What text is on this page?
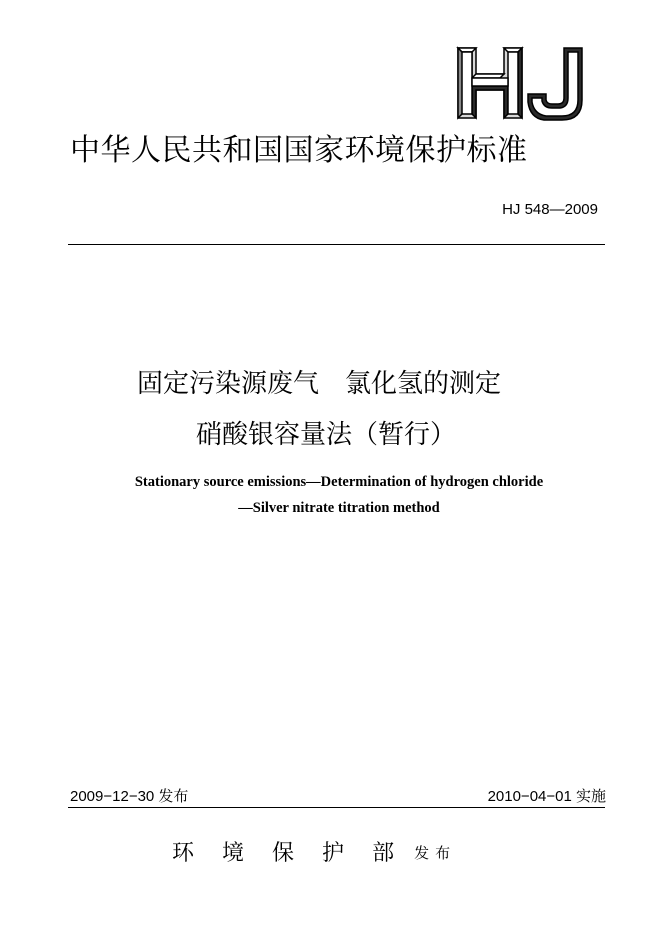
中华人民共和国国家环境保护标准
HJ 548—2009
固定污染源废气　氯化氢的测定
硝酸银容量法（暂行）
Stationary source emissions—Determination of hydrogen chloride
—Silver nitrate titration method
2009−12−30 发布	2010−04−01 实施
环 境 保 护 部 发布
